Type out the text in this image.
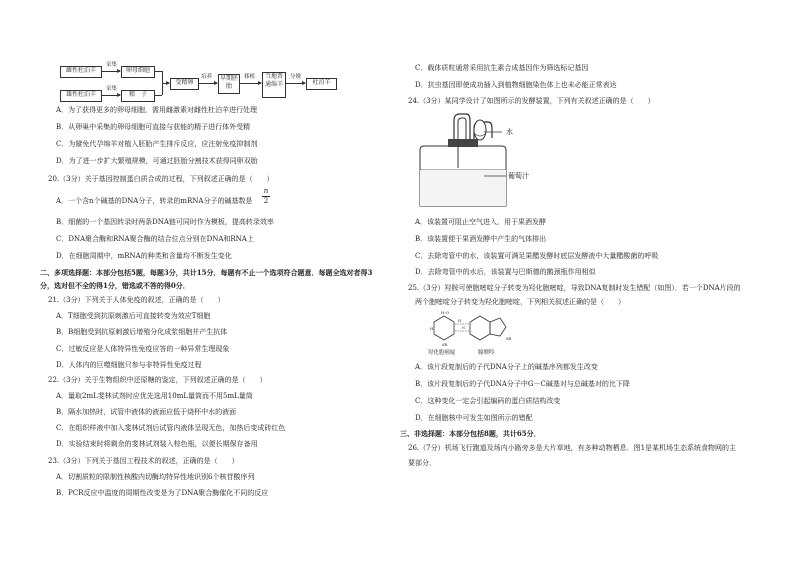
雌性杜泊羊
雄性杜泊羊
采集
采集
卵母细胞
精　子
受精卵
培养	早期胚胎
移植	当地普通绵羊
分娩
杜泊羊
A．为了获得更多的卵母细胞，需用雌激素对雌性杜泊羊进行处理
B．从卵巢中采集的卵母细胞可直接与获能的精子进行体外受精
C．为避免代孕绵羊对植入胚胎产生排斥反应，应注射免疫抑制剂
D．为了进一步扩大繁殖规模，可通过胚胎分割技术获得同卵双胎
20.（3分）关于基因控制蛋白质合成的过程，下列叙述正确的是（　　）
A．一个含n个碱基的DNA分子，转录的mRNA分子的碱基数是
n
2
B．细菌的一个基因转录时两条DNA链可同时作为模板，提高转录效率
C．DNA聚合酶和RNA聚合酶的结合位点分别在DNA和RNA上
D．在细胞周期中，mRNA的种类和含量均不断发生变化
二、多项选择题：本部分包括5题，每题3分，共计15分．每题有不止一个选项符合题意．每题全选对者得3
分，选对但不全的得1分，错选或不答的得0分．
21.（3分）下列关于人体免疫的叙述，正确的是（　　）
A．T细胞受到抗原刺激后可直接转变为效应T细胞
B．B细胞受到抗原刺激后增殖分化成浆细胞并产生抗体
C．过敏反应是人体特异性免疫应答的一种异常生理现象
D．人体内的巨噬细胞只参与非特异性免疫过程
22.（3分）关于生物组织中还原糖的鉴定，下列叙述正确的是（　　）
A．量取2mL斐林试剂时应优先选用10mL量筒而不用5mL量筒
B．隔水加热时，试管中液体的液面应低于烧杯中水的液面
C．在组织样液中加入斐林试剂后试管内液体呈现无色，加热后变成砖红色
D．实验结束时将剩余的斐林试剂装入棕色瓶，以便长期保存备用
23.（3分）下列关于基因工程技术的叙述，正确的是（　　）
A．切割质粒的限制性核酸内切酶均特异性地识别6个核苷酸序列
B．PCR反应中温度的周期性改变是为了DNA聚合酶催化不同的反应
C．载体质粒通常采用抗生素合成基因作为筛选标记基因
D．抗虫基因即使成功插入到植物细胞染色体上也未必能正常表达
24.（3分）某同学设计了如图所示的发酵装置，下列有关叙述正确的是（　　）
水
葡萄汁
A．该装置可阻止空气进入，用于果酒发酵
B．该装置便于果酒发酵中产生的气体排出
C．去除弯管中的水，该装置可满足果醋发酵时底层发酵液中大量醋酸菌的呼吸
D．去除弯管中的水后，该装置与巴斯德的鹅颈瓶作用相似
25.（3分）羟胺可使胞嘧啶分子转变为羟化胞嘧啶，导致DNA复制时发生错配（如图）．若一个DNA片段的
两个胞嘧啶分子转变为羟化胞嘧啶，下列相关叙述正确的是（　　）
H-O
H
dR
H
N
dR
羟化胞嘧啶	腺嘌呤
A．该片段复制后的子代DNA分子上的碱基序列都发生改变
B．该片段复制后的子代DNA分子中G－C碱基对与总碱基对的比下降
C．这种变化一定会引起编码的蛋白质结构改变
D．在细胞核中可发生如图所示的错配
三、非选择题：本部分包括8题，共计65分．
26.（7分）机场飞行跑道及场内小路旁多是大片草地，有多种动物栖息．图1是某机场生态系统食物网的主
要部分．
